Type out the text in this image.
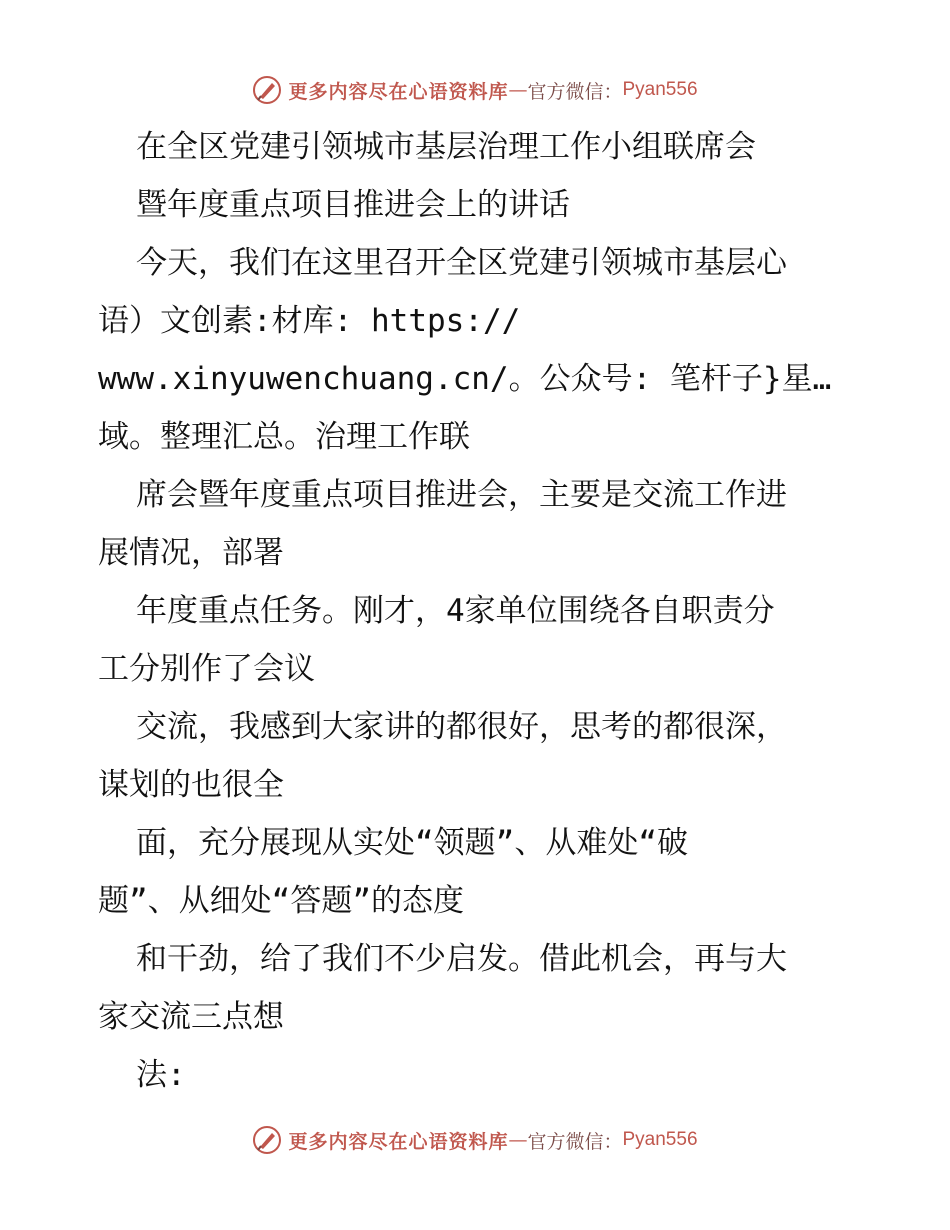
更多内容尽在心语资料库 — 官方微信： Pyan556
在全区党建引领城市基层治理工作小组联席会
暨年度重点项目推进会上的讲话
今天，我们在这里召开全区党建引领城市基层心
语）文创素:材库: https://
www.xinyuwenchuang.cn/。公众号: 笔杆子}星…
域。整理汇总。治理工作联
席会暨年度重点项目推进会，主要是交流工作进
展情况，部署
年度重点任务。刚才，4家单位围绕各自职责分
工分别作了会议
交流，我感到大家讲的都很好，思考的都很深，
谋划的也很全
面，充分展现从实处“领题”、从难处“破
题”、从细处“答题”的态度
和干劲，给了我们不少启发。借此机会，再与大
家交流三点想
法:
更多内容尽在心语资料库 — 官方微信： Pyan556
